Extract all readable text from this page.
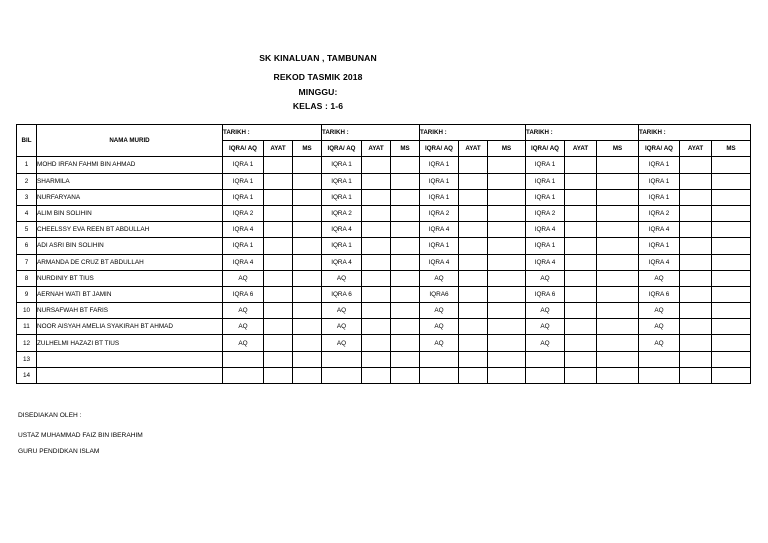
SK KINALUAN , TAMBUNAN
REKOD TASMIK 2018
MINGGU:
KELAS : 1-6
BIL	NAMA MURID	TARIKH :			TARIKH :			TARIKH :			TARIKH :			TARIKH :		
		IQRA/ AQ	AYAT	MS	IQRA/ AQ	AYAT	MS	IQRA/ AQ	AYAT	MS	IQRA/ AQ	AYAT	MS	IQRA/ AQ	AYAT	MS
1	MOHD IRFAN FAHMI BIN AHMAD	IQRA 1			IQRA 1			IQRA 1			IQRA 1			IQRA 1		
2	SHARMILA	IQRA 1			IQRA 1			IQRA 1			IQRA 1			IQRA 1		
3	NURFARYANA	IQRA 1			IQRA 1			IQRA 1			IQRA 1			IQRA 1		
4	ALIM BIN SOLIHIN	IQRA 2			IQRA 2			IQRA 2			IQRA 2			IQRA 2		
5	CHEELSSY EVA REEN BT ABDULLAH	IQRA 4			IQRA 4			IQRA 4			IQRA 4			IQRA 4		
6	ADI ASRI BIN SOLIHIN	IQRA 1			IQRA 1			IQRA 1			IQRA 1			IQRA 1		
7	ARMANDA DE CRUZ BT ABDULLAH	IQRA 4			IQRA 4			IQRA 4			IQRA 4			IQRA 4		
8	NURDINIY BT TIUS	AQ			AQ			AQ			AQ			AQ		
9	AERNAH WATI BT JAMIN	IQRA 6			IQRA 6			IQRA6			IQRA 6			IQRA 6		
10	NURSAFWAH BT FARIS	AQ			AQ			AQ			AQ			AQ		
11	NOOR AISYAH AMELIA SYAKIRAH BT AHMAD	AQ			AQ			AQ			AQ			AQ		
12	ZULHELMI HAZAZI BT TIUS	AQ			AQ			AQ			AQ			AQ		
13																
14																
DISEDIAKAN OLEH :
USTAZ MUHAMMAD FAIZ BIN IBERAHIM
GURU PENDIDKAN ISLAM
